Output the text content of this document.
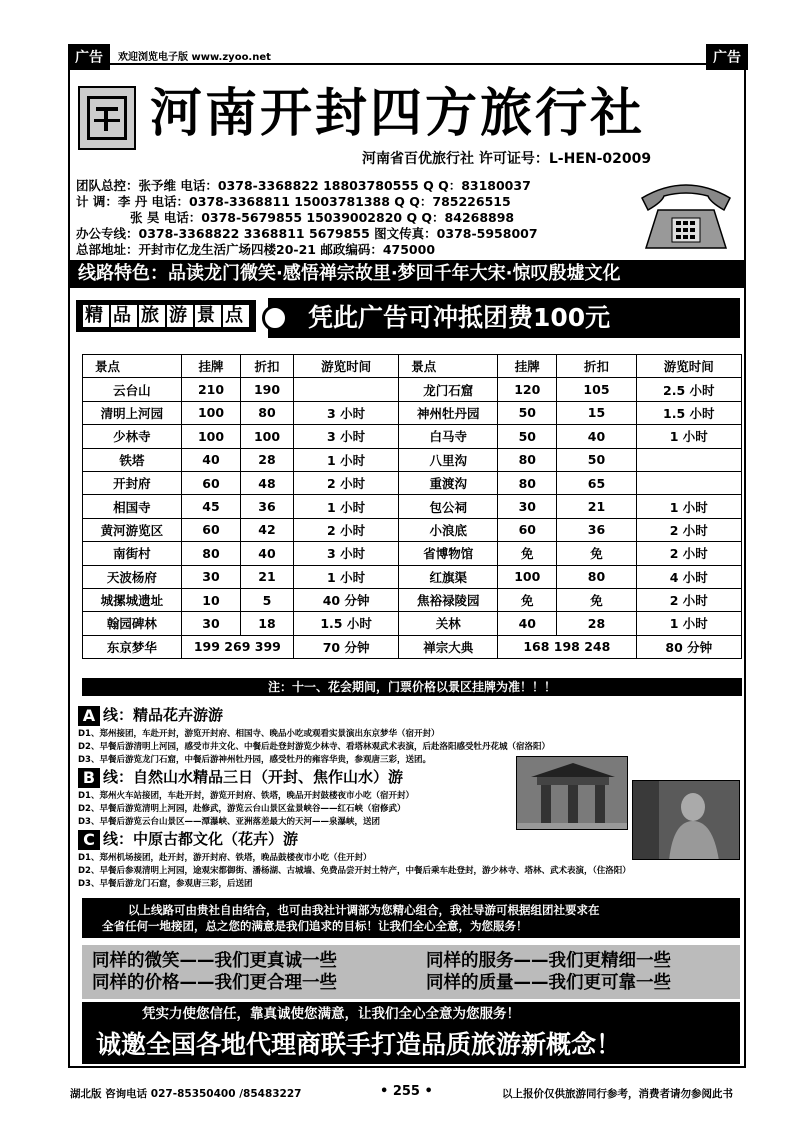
广告	欢迎浏览电子版 www.zyoo.net	广告
河南开封四方旅行社
河南省百优旅行社 许可证号：L-HEN-02009
团队总控：张予维 电话：0378-3368822 18803780555 Q Q：83180037
计 调：李 丹 电话：0378-3368811 15003781388 Q Q：785226515
张 昊 电话：0378-5679855 15039002820 Q Q：84268898
办公专线：0378-3368822 3368811 5679855 图文传真：0378-5958007
总部地址：开封市亿龙生活广场四楼20-21 邮政编码：475000
线路特色：品读龙门微笑·感悟禅宗故里·梦回千年大宋·惊叹殷墟文化
精 品 旅 游 景 点	凭此广告可冲抵团费100元
景点	挂牌	折扣	游览时间	景点	挂牌	折扣	游览时间
云台山	210	190		龙门石窟	120	105	2.5 小时
清明上河园	100	80	3 小时	神州牡丹园	50	15	1.5 小时
少林寺	100	100	3 小时	白马寺	50	40	1 小时
铁塔	40	28	1 小时	八里沟	80	50	
开封府	60	48	2 小时	重渡沟	80	65	
相国寺	45	36	1 小时	包公祠	30	21	1 小时
黄河游览区	60	42	2 小时	小浪底	60	36	2 小时
南街村	80	40	3 小时	省博物馆	免	免	2 小时
天波杨府	30	21	1 小时	红旗渠	100	80	4 小时
城摞城遗址	10	5	40 分钟	焦裕禄陵园	免	免	2 小时
翰园碑林	30	18	1.5 小时	关林	40	28	1 小时
东京梦华	199 269 399		70 分钟	禅宗大典	168 198 248		80 分钟
注：十一、花会期间，门票价格以景区挂牌为准！！！
A 线：精品花卉游游
D1、郑州接团，车赴开封，游览开封府、相国寺、晚品小吃或观看实景演出东京梦华（宿开封）
D2、早餐后游清明上河园，感受市井文化、中餐后赴登封游览少林寺、看塔林观武术表演，后赴洛阳感受牡丹花城（宿洛阳）
D3、早餐后游览龙门石窟，中餐后游神州牡丹园，感受牡丹的雍容华贵，参观唐三彩，送团。
B 线：自然山水精品三日（开封、焦作山水）游
D1、郑州火车站接团，车赴开封，游览开封府、铁塔，晚品开封鼓楼夜市小吃（宿开封）
D2、早餐后游览清明上河园，赴修武，游览云台山景区盆景峡谷——红石峡（宿修武）
D3、早餐后游览云台山景区——潭瀑峡、亚洲落差最大的天河——泉瀑峡，送团
C 线：中原古都文化（花卉）游
D1、郑州机场接团，赴开封，游开封府、铁塔，晚品鼓楼夜市小吃（住开封）
D2、早餐后参观清明上河园，途观宋都御街、潘杨湖、古城墙、免费品尝开封土特产，中餐后乘车赴登封，游少林寺、塔林、武术表演，（住洛阳）
D3、早餐后游龙门石窟，参观唐三彩，后送团
以上线路可由贵社自由结合，也可由我社计调部为您精心组合，我社导游可根据组团社要求在
全省任何一地接团，总之您的满意是我们追求的目标！让我们全心全意，为您服务！
同样的微笑——我们更真诚一些	同样的服务——我们更精细一些
同样的价格——我们更合理一些	同样的质量——我们更可靠一些
凭实力使您信任，靠真诚使您满意，让我们全心全意为您服务！
诚邀全国各地代理商联手打造品质旅游新概念！
湖北版 咨询电话 027-85350400 /85483227	• 255 •	以上报价仅供旅游同行参考，消费者请勿参阅此书
